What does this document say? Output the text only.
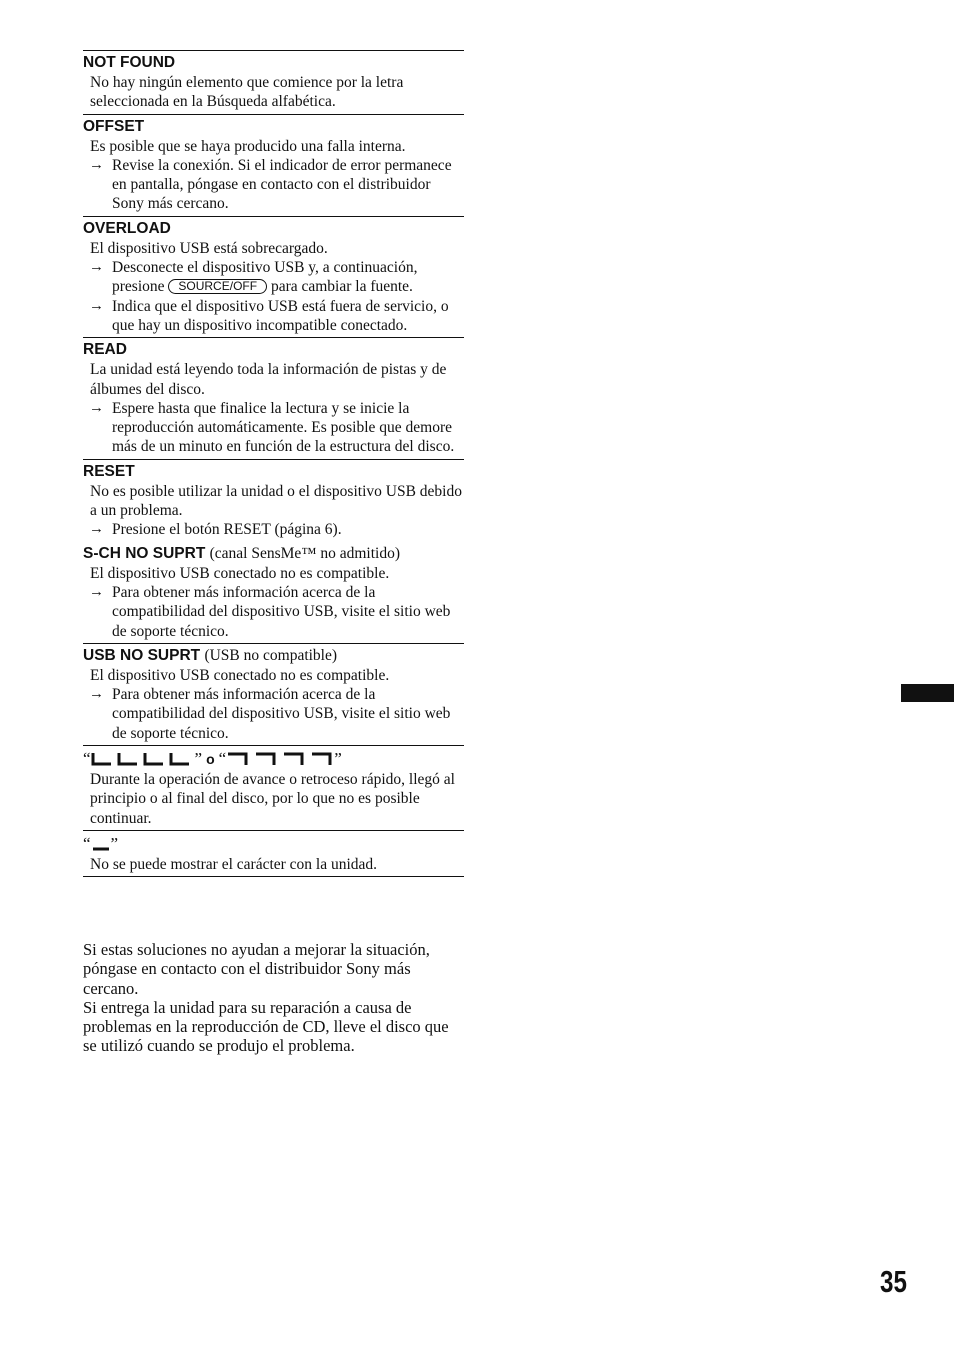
NOT FOUND

No hay ningún elemento que comience por la letra seleccionada en la Búsqueda alfabética.

OFFSET

Es posible que se haya producido una falla interna.

→ Revise la conexión. Si el indicador de error permanece en pantalla, póngase en contacto con el distribuidor Sony más cercano.

OVERLOAD

El dispositivo USB está sobrecargado.

→ Desconecte el dispositivo USB y, a continuación, presione SOURCE/OFF para cambiar la fuente.

→ Indica que el dispositivo USB está fuera de servicio, o que hay un dispositivo incompatible conectado.

READ

La unidad está leyendo toda la información de pistas y de álbumes del disco.

→ Espere hasta que finalice la lectura y se inicie la reproducción automáticamente. Es posible que demore más de un minuto en función de la estructura del disco.

RESET

No es posible utilizar la unidad o el dispositivo USB debido a un problema.

→ Presione el botón RESET (página 6).

S-CH NO SUPRT (canal SensMe™ no admitido)

El dispositivo USB conectado no es compatible.

→ Para obtener más información acerca de la compatibilidad del dispositivo USB, visite el sitio web de soporte técnico.

USB NO SUPRT (USB no compatible)

El dispositivo USB conectado no es compatible.

→ Para obtener más información acerca de la compatibilidad del dispositivo USB, visite el sitio web de soporte técnico.

“	” o “	”

Durante la operación de avance o retroceso rápido, llegó al principio o al final del disco, por lo que no es posible continuar.

“ ”

No se puede mostrar el carácter con la unidad.

Si estas soluciones no ayudan a mejorar la situación, póngase en contacto con el distribuidor Sony más cercano.

Si entrega la unidad para su reparación a causa de problemas en la reproducción de CD, lleve el disco que se utilizó cuando se produjo el problema.

35
